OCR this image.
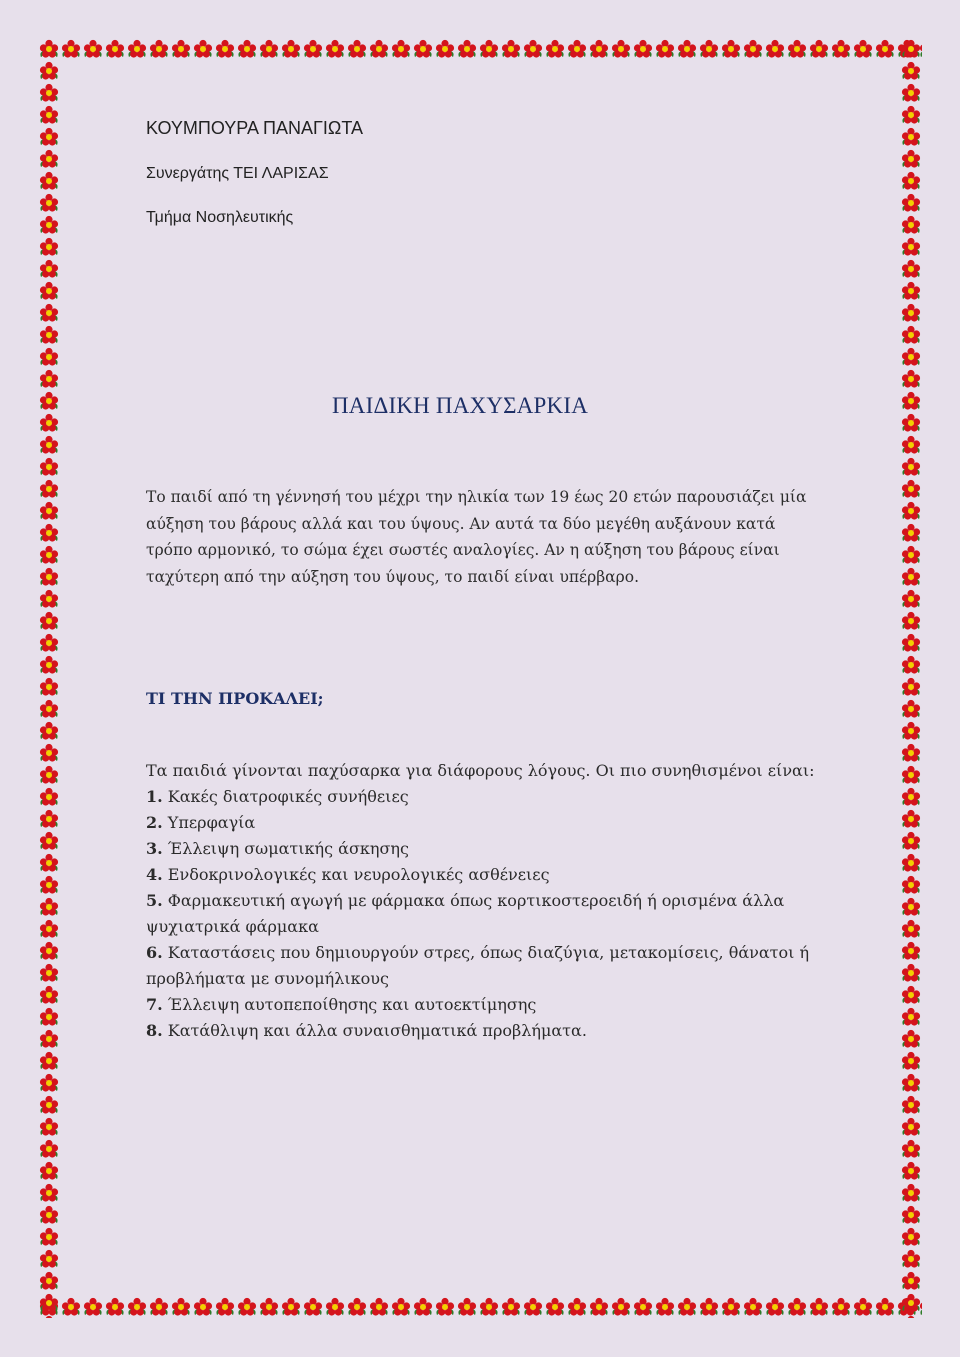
ΚΟΥΜΠΟΥΡΑ ΠΑΝΑΓΙΩΤΑ
Συνεργάτης ΤΕΙ ΛΑΡΙΣΑΣ
Τμήμα Νοσηλευτικής
ΠΑΙΔΙΚΗ ΠΑΧΥΣΑΡΚΙΑ

Το παιδί από τη γέννησή του μέχρι την ηλικία των 19 έως 20 ετών παρουσιάζει μία αύξηση του βάρους αλλά και του ύψους. Αν αυτά τα δύο μεγέθη αυξάνουν κατά τρόπο αρμονικό, το σώμα έχει σωστές αναλογίες. Αν η αύξηση του βάρους είναι ταχύτερη από την αύξηση του ύψους, το παιδί είναι υπέρβαρο.

ΤΙ ΤΗΝ ΠΡΟΚΑΛΕΙ;

Τα παιδιά γίνονται παχύσαρκα για διάφορους λόγους. Οι πιο συνηθισμένοι είναι:

1. Κακές διατροφικές συνήθειες
2. Υπερφαγία
3. Έλλειψη σωματικής άσκησης
4. Ενδοκρινολογικές και νευρολογικές ασθένειες
5. Φαρμακευτική αγωγή με φάρμακα όπως κορτικοστεροειδή ή ορισμένα άλλα ψυχιατρικά φάρμακα
6. Καταστάσεις που δημιουργούν στρες, όπως διαζύγια, μετακομίσεις, θάνατοι ή προβλήματα με συνομήλικους
7. Έλλειψη αυτοπεποίθησης και αυτοεκτίμησης
8. Κατάθλιψη και άλλα συναισθηματικά προβλήματα.
